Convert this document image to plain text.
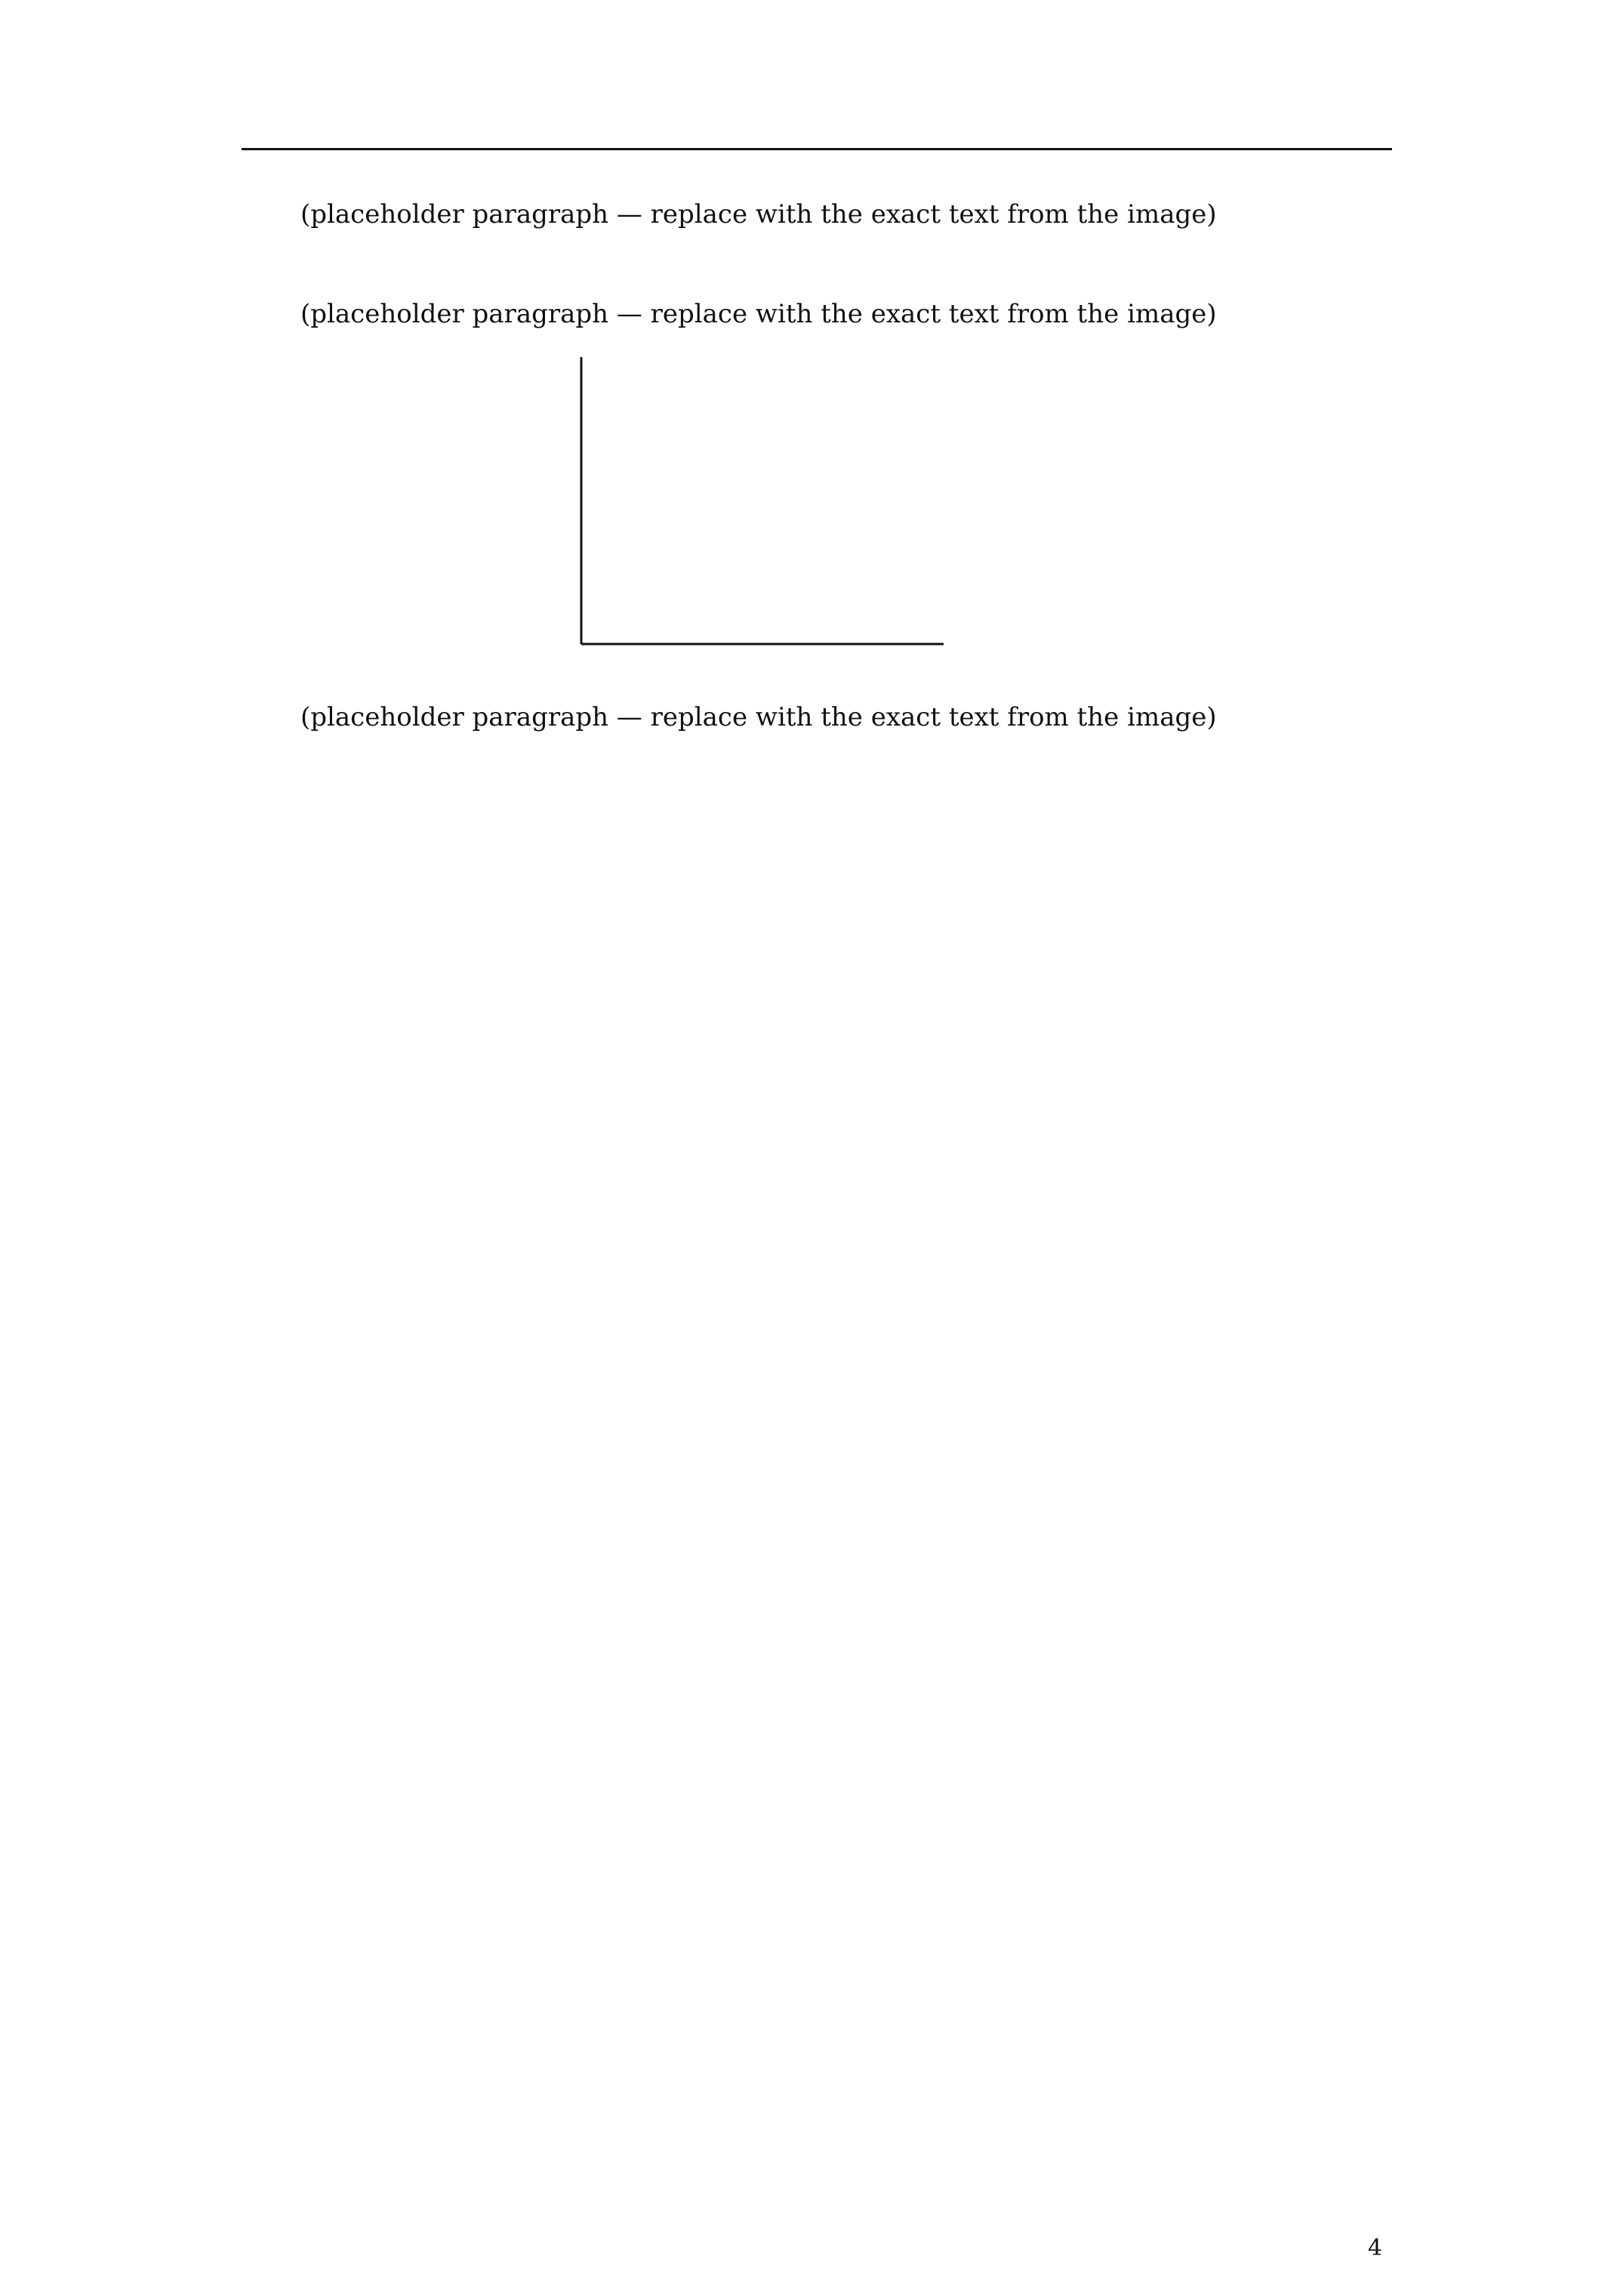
(placeholder paragraph — replace with the exact text from the image)

(placeholder paragraph — replace with the exact text from the image)

(placeholder paragraph — replace with the exact text from the image)

4
